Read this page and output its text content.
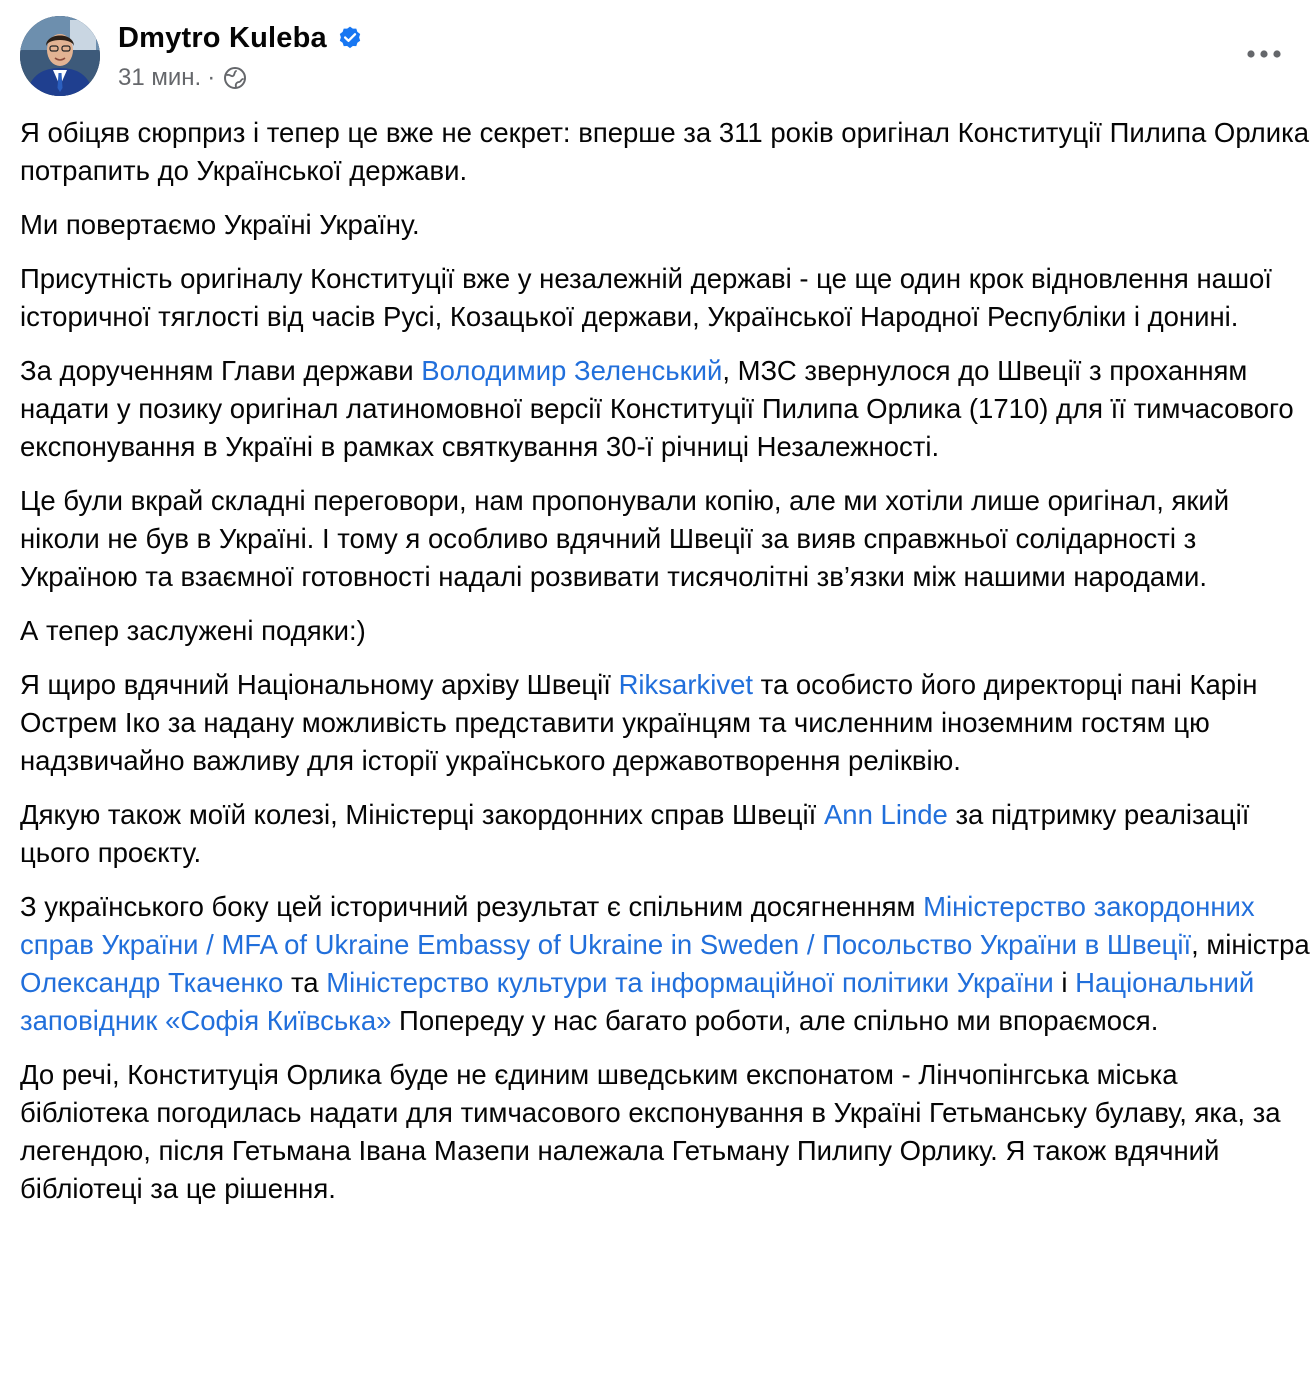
Dmytro Kuleba
31 мин. ·

Я обіцяв сюрприз і тепер це вже не секрет: вперше за 311 років оригінал Конституції Пилипа Орлика потрапить до Української держави.

Ми повертаємо Україні Україну.

Присутність оригіналу Конституції вже у незалежній державі - це ще один крок відновлення нашої історичної тяглості від часів Русі, Козацької держави, Української Народної Республіки і донині.

За дорученням Глави держави Володимир Зеленський, МЗС звернулося до Швеції з проханням надати у позику оригінал латиномовної версії Конституції Пилипа Орлика (1710) для її тимчасового експонування в Україні в рамках святкування 30-ї річниці Незалежності.

Це були вкрай складні переговори, нам пропонували копію, але ми хотіли лише оригінал, який ніколи не був в Україні. І тому я особливо вдячний Швеції за вияв справжньої солідарності з Україною та взаємної готовності надалі розвивати тисячолітні зв’язки між нашими народами.

А тепер заслужені подяки:)

Я щиро вдячний Національному архіву Швеції Riksarkivet та особисто його директорці пані Карін Острем Іко за надану можливість представити українцям та численним іноземним гостям цю надзвичайно важливу для історії українського державотворення реліквію.

Дякую також моїй колезі, Міністерці закордонних справ Швеції Ann Linde за підтримку реалізації цього проєкту.

З українського боку цей історичний результат є спільним досягненням Міністерство закордонних справ України / MFA of Ukraine Embassy of Ukraine in Sweden / Посольство України в Швеції, міністра Олександр Ткаченко та Міністерство культури та інформаційної політики України і Національний заповідник «Софія Київська» Попереду у нас багато роботи, але спільно ми впораємося.

До речі, Конституція Орлика буде не єдиним шведським експонатом - Лінчопінгська міська бібліотека погодилась надати для тимчасового експонування в Україні Гетьманську булаву, яка, за легендою, після Гетьмана Івана Мазепи належала Гетьману Пилипу Орлику. Я також вдячний бібліотеці за це рішення.
